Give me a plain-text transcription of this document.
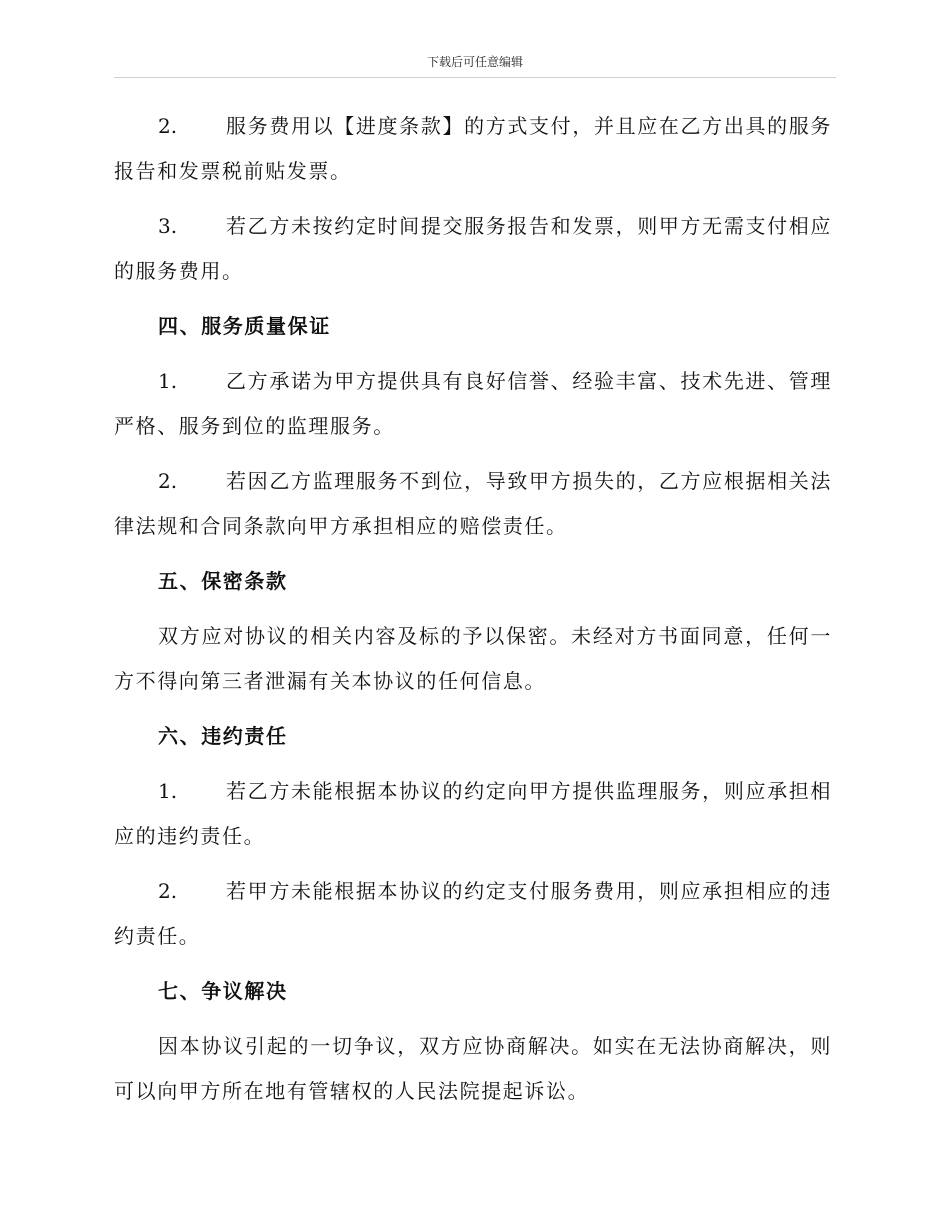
下载后可任意编辑

2. 服务费用以【进度条款】的方式支付，并且应在乙方出具的服务报告和发票税前贴发票。

3. 若乙方未按约定时间提交服务报告和发票，则甲方无需支付相应的服务费用。

四、服务质量保证

1. 乙方承诺为甲方提供具有良好信誉、经验丰富、技术先进、管理严格、服务到位的监理服务。

2. 若因乙方监理服务不到位，导致甲方损失的，乙方应根据相关法律法规和合同条款向甲方承担相应的赔偿责任。

五、保密条款

双方应对协议的相关内容及标的予以保密。未经对方书面同意，任何一方不得向第三者泄漏有关本协议的任何信息。

六、违约责任

1. 若乙方未能根据本协议的约定向甲方提供监理服务，则应承担相应的违约责任。

2. 若甲方未能根据本协议的约定支付服务费用，则应承担相应的违约责任。

七、争议解决

因本协议引起的一切争议，双方应协商解决。如实在无法协商解决，则可以向甲方所在地有管辖权的人民法院提起诉讼。
